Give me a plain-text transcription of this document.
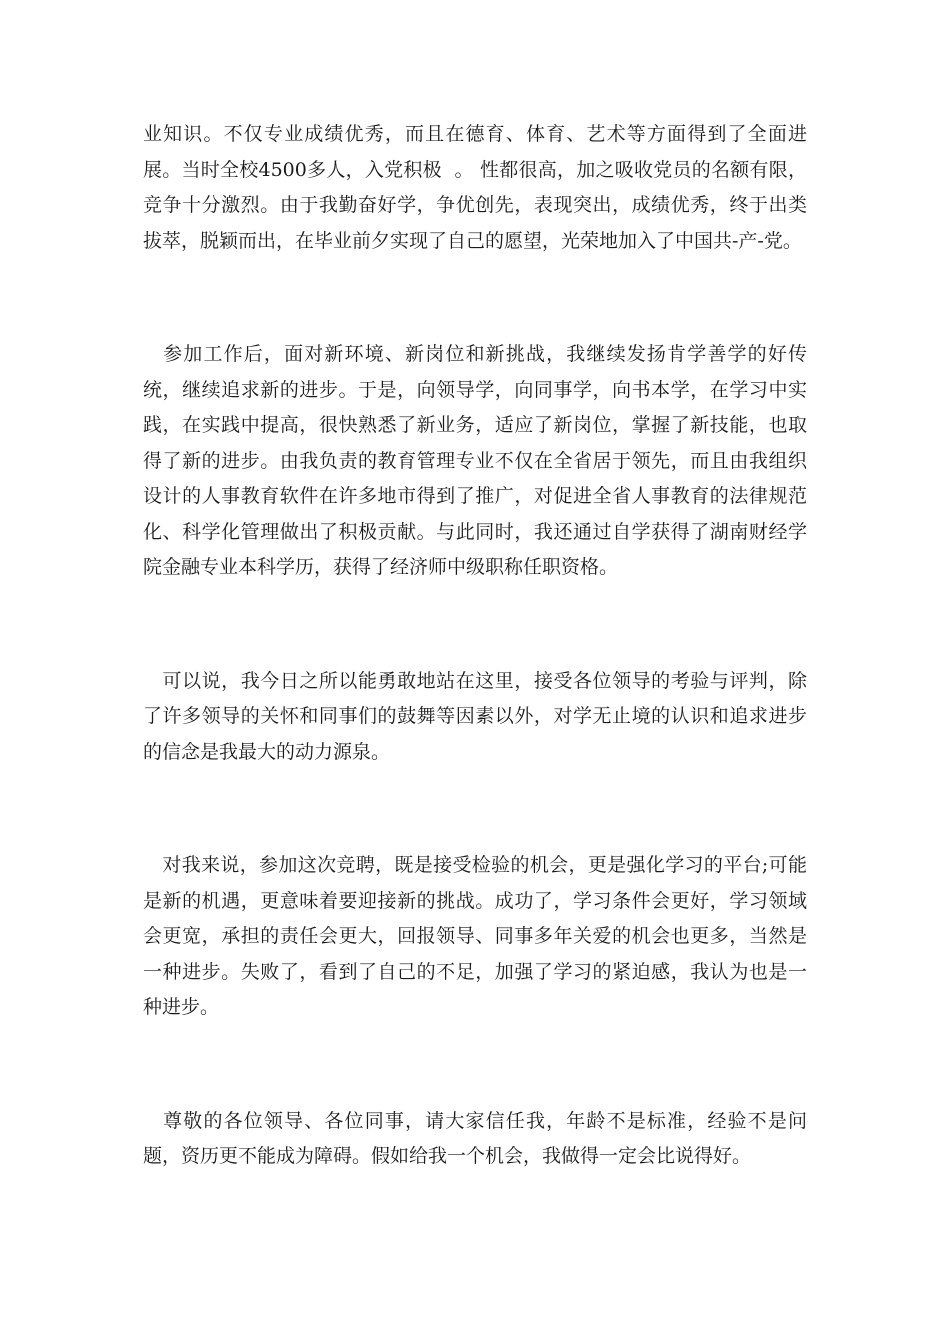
业知识。不仅专业成绩优秀，而且在德育、体育、艺术等方面得到了全面进展。当时全校4500多人，入党积极  。 性都很高，加之吸收党员的名额有限，竞争十分激烈。由于我勤奋好学，争优创先，表现突出，成绩优秀，终于出类拔萃，脱颖而出，在毕业前夕实现了自己的愿望，光荣地加入了中国共-产-党。

　参加工作后，面对新环境、新岗位和新挑战，我继续发扬肯学善学的好传统，继续追求新的进步。于是，向领导学，向同事学，向书本学，在学习中实践，在实践中提高，很快熟悉了新业务，适应了新岗位，掌握了新技能，也取得了新的进步。由我负责的教育管理专业不仅在全省居于领先，而且由我组织设计的人事教育软件在许多地市得到了推广，对促进全省人事教育的法律规范化、科学化管理做出了积极贡献。与此同时，我还通过自学获得了湖南财经学院金融专业本科学历，获得了经济师中级职称任职资格。

　可以说，我今日之所以能勇敢地站在这里，接受各位领导的考验与评判，除了许多领导的关怀和同事们的鼓舞等因素以外，对学无止境的认识和追求进步的信念是我最大的动力源泉。

　对我来说，参加这次竞聘，既是接受检验的机会，更是强化学习的平台;可能是新的机遇，更意味着要迎接新的挑战。成功了，学习条件会更好，学习领域会更宽，承担的责任会更大，回报领导、同事多年关爱的机会也更多，当然是一种进步。失败了，看到了自己的不足，加强了学习的紧迫感，我认为也是一种进步。

　尊敬的各位领导、各位同事，请大家信任我，年龄不是标准，经验不是问题，资历更不能成为障碍。假如给我一个机会，我做得一定会比说得好。
